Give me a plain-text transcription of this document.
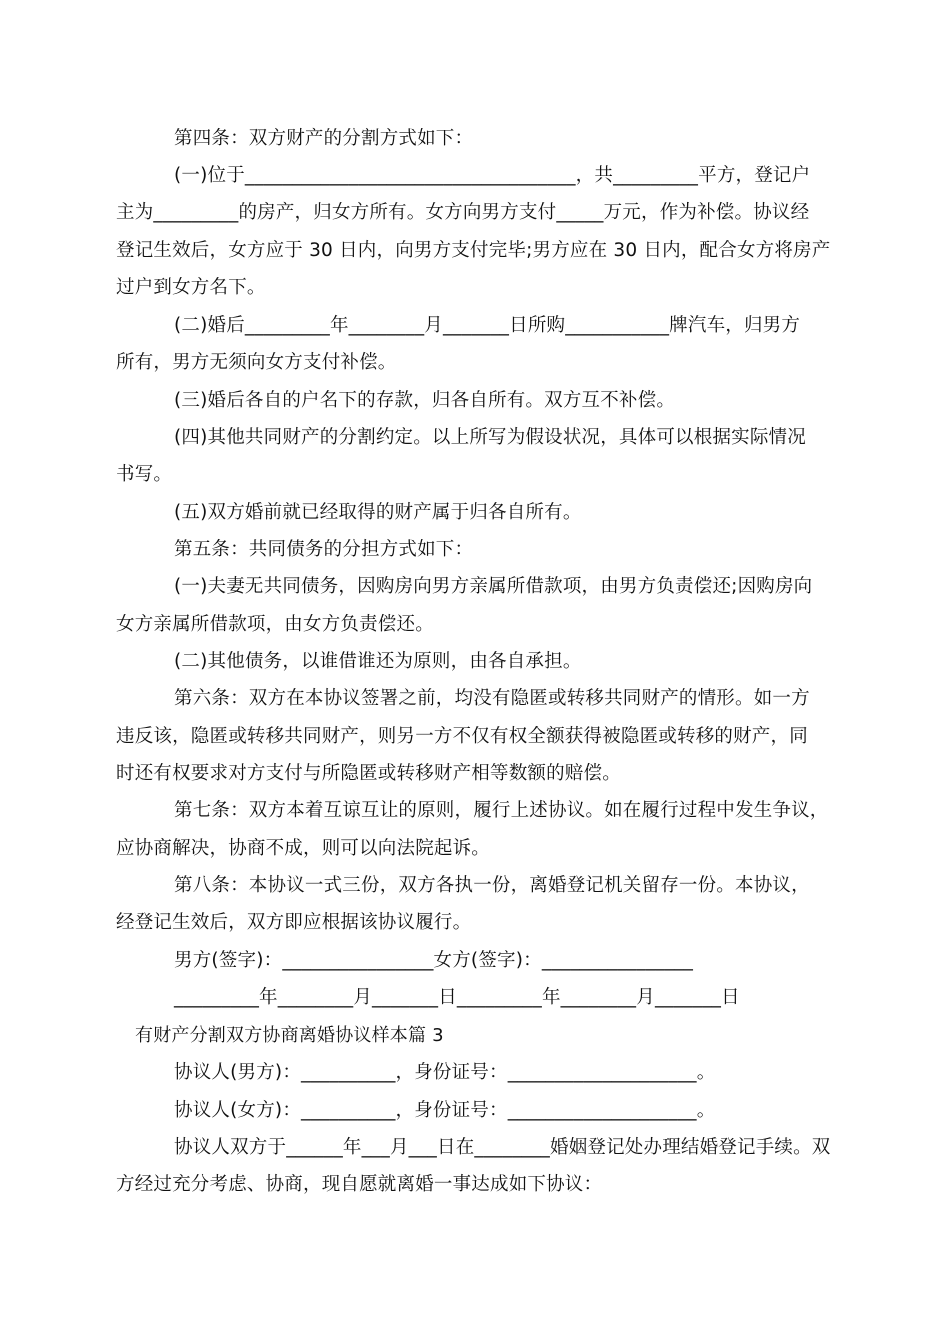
第四条：双方财产的分割方式如下：
(一)位于___________________________________，共_________平方，登记户
主为_________的房产，归女方所有。女方向男方支付_____万元，作为补偿。协议经
登记生效后，女方应于 30 日内，向男方支付完毕;男方应在 30 日内，配合女方将房产
过户到女方名下。
(二)婚后_________年________月_______日所购___________牌汽车，归男方
所有，男方无须向女方支付补偿。
(三)婚后各自的户名下的存款，归各自所有。双方互不补偿。
(四)其他共同财产的分割约定。以上所写为假设状况，具体可以根据实际情况
书写。
(五)双方婚前就已经取得的财产属于归各自所有。
第五条：共同债务的分担方式如下：
(一)夫妻无共同债务，因购房向男方亲属所借款项，由男方负责偿还;因购房向
女方亲属所借款项，由女方负责偿还。
(二)其他债务，以谁借谁还为原则，由各自承担。
第六条：双方在本协议签署之前，均没有隐匿或转移共同财产的情形。如一方
违反该，隐匿或转移共同财产，则另一方不仅有权全额获得被隐匿或转移的财产，同
时还有权要求对方支付与所隐匿或转移财产相等数额的赔偿。
第七条：双方本着互谅互让的原则，履行上述协议。如在履行过程中发生争议，
应协商解决，协商不成，则可以向法院起诉。
第八条：本协议一式三份，双方各执一份，离婚登记机关留存一份。本协议，
经登记生效后，双方即应根据该协议履行。
男方(签字)：________________女方(签字)：________________
_________年________月_______日_________年________月_______日
有财产分割双方协商离婚协议样本篇 3
协议人(男方)：__________，身份证号：____________________。
协议人(女方)：__________，身份证号：____________________。
协议人双方于______年___月___日在________婚姻登记处办理结婚登记手续。双
方经过充分考虑、协商，现自愿就离婚一事达成如下协议：
